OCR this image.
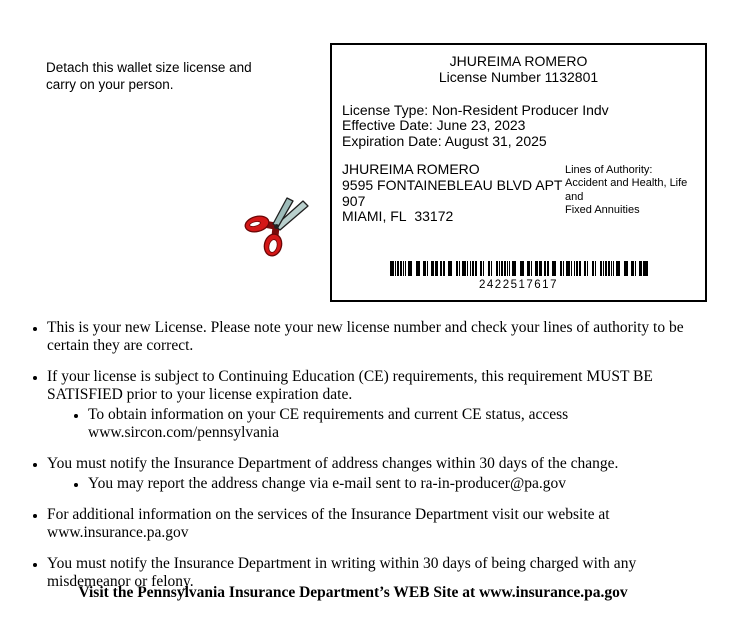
Detach this wallet size license and carry on your person.
JHUREIMA ROMERO
License Number 1132801
License Type: Non-Resident Producer Indv
Effective Date: June 23, 2023
Expiration Date: August 31, 2025
JHUREIMA ROMERO
9595 FONTAINEBLEAU BLVD APT
907
MIAMI, FL  33172
Lines of Authority:
Accident and Health, Life and
Fixed Annuities
2422517617
• This is your new License. Please note your new license number and check your lines of authority to be certain they are correct.
• If your license is subject to Continuing Education (CE) requirements, this requirement MUST BE SATISFIED prior to your license expiration date.
• To obtain information on your CE requirements and current CE status, access www.sircon.com/pennsylvania
• You must notify the Insurance Department of address changes within 30 days of the change.
• You may report the address change via e-mail sent to ra-in-producer@pa.gov
• For additional information on the services of the Insurance Department visit our website at www.insurance.pa.gov
• You must notify the Insurance Department in writing within 30 days of being charged with any misdemeanor or felony.
Visit the Pennsylvania Insurance Department’s WEB Site at www.insurance.pa.gov
